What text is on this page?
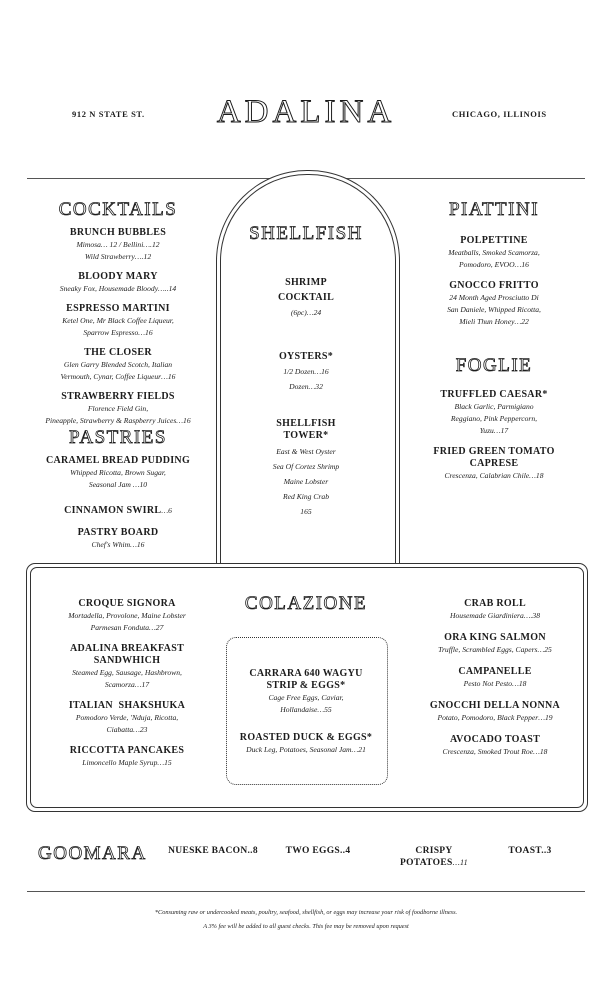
912 N STATE ST.	ADALINA	CHICAGO, ILLINOIS
COCKTAILS
BRUNCH BUBBLES
Mimosa… 12 / Bellini….12
Wild Strawberry….12
BLOODY MARY
Sneaky Fox, Housemade Bloody…..14
ESPRESSO MARTINI
Ketel One, Mr Black Coffee Liqueur,
Sparrow Espresso…16
THE CLOSER
Glen Garry Blended Scotch, Italian
Vermouth, Cynar, Coffee Liqueur…16
STRAWBERRY FIELDS
Florence Field Gin,
Pineapple, Strawberry & Raspberry Juices…16
PASTRIES
CARAMEL BREAD PUDDING
Whipped Ricotta, Brown Sugar,
Seasonal Jam …10
CINNAMON SWIRL…6
PASTRY BOARD
Chef's Whim…16
SHELLFISH
SHRIMP COCKTAIL
(6pc)…24
OYSTERS*
1/2 Dozen…16
Dozen…32
SHELLFISH TOWER*
East & West Oyster
Sea Of Cortez Shrimp
Maine Lobster
Red King Crab
165
PIATTINI
POLPETTINE
Meatballs, Smoked Scamorza,
Pomodoro, EVOO…16
GNOCCO FRITTO
24 Month Aged Prosciutto Di
San Daniele, Whipped Ricotta,
Mieli Thun Honey…22
FOGLIE
TRUFFLED CAESAR*
Black Garlic, Parmigiano
Reggiano, Pink Peppercorn,
Yuzu…17
FRIED GREEN TOMATO CAPRESE
Crescenza, Calabrian Chile…18
COLAZIONE
CROQUE SIGNORA
Mortadella, Provolone, Maine Lobster
Parmesan Fonduta…27
ADALINA BREAKFAST SANDWHICH
Steamed Egg, Sausage, Hashbrown,
Scamorza…17
ITALIAN  SHAKSHUKA
Pomodoro Verde, 'Nduja, Ricotta,
Ciabatta…23
RICCOTTA PANCAKES
Limoncello Maple Syrup…15
CARRARA 640 WAGYU STRIP & EGGS*
Cage Free Eggs, Caviar,
Hollandaise…55
ROASTED DUCK & EGGS*
Duck Leg, Potatoes, Seasonal Jam…21
CRAB ROLL
Housemade Giardiniera….38
ORA KING SALMON
Truffle, Scrambled Eggs, Capers…25
CAMPANELLE
Pesto Not Pesto…18
GNOCCHI DELLA NONNA
Potato, Pomodoro, Black Pepper…19
AVOCADO TOAST
Crescenza, Smoked Trout Roe…18
GOOMARA	NUESKE BACON..8	TWO EGGS..4	CRISPY POTATOES…11
TOAST..3
*Consuming raw or undercooked meats, poultry, seafood, shellfish, or eggs may increase your risk of foodborne illness.
A 3% fee will be added to all guest checks. This fee may be removed upon request
